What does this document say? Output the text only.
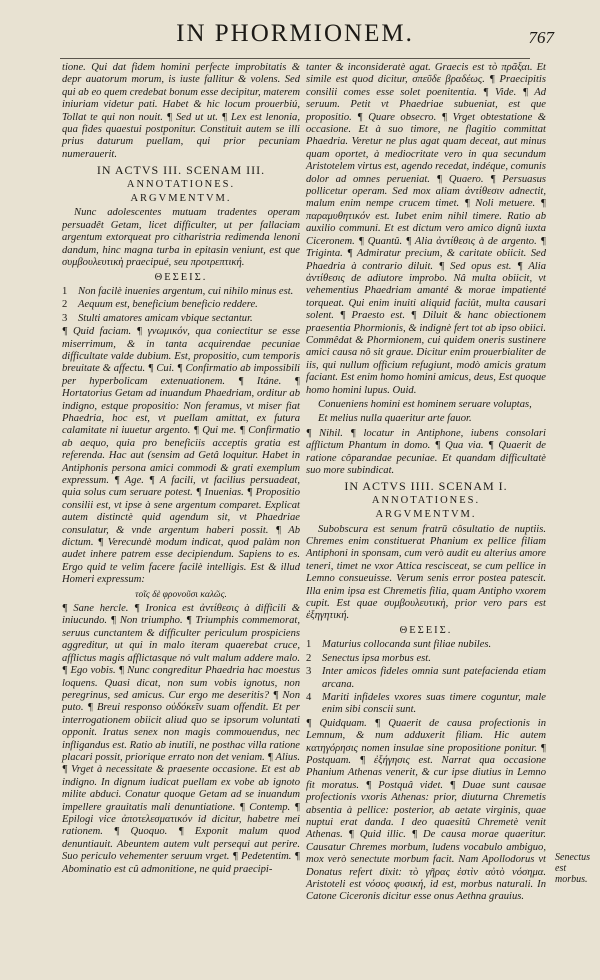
IN PHORMIONEM.	767

tione. Qui dat fidem homini perfecte improbitatis & depr auatorum morum, is iuste fallitur & volens. Sed qui ab eo quem credebat bonum esse decipitur, materem iniuriam videtur pati. Habet & hic locum prouerbiú, Tollat te qui non nouit. ¶ Sed ut ut. ¶ Lex est lenonia, qua fides quaestui postponitur. Constituit autem se illi prius daturum puellam, qui prior pecuniam numerauerit.

IN ACTVS III. SCENAM III.
ANNOTATIONES.
ARGVMENTVM.

Nunc adolescentes mutuam tradentes operam persuadêt Getam, licet difficulter, ut per fallaciam argentum extorqueat pro citharistria redimenda lenoni dandum, hinc magna turba in epitasin veniunt, est que συμβουλευτικὴ praecipué, seu προτρεπτική.

ΘΕΣΕΙΣ.
1	Non facilè inuenies argentum, cui nihilo minus est.
2	Aequum est, beneficium beneficio reddere.
3	Stulti amatores amicam vbique sectantur.

¶ Quid faciam. ¶ γνωμικόν, qua coniectitur se esse miserrimum, & in tanta acquirendae pecuniae difficultate valde dubium. Est, propositio, cum temporis breuitate & affectu. ¶ Cui. ¶ Confirmatio ab impossibili per hyperbolicam extenuationem. ¶ Itáne. ¶ Hortatorius Getam ad inuandum Phaedriam, orditur ab indigno, estque propositio: Non feramus, vt miser fiat Phaedria, hoc est, vt puellam amittat, ex futura calamitate ni iuuetur argento. ¶ Qui me. ¶ Confirmatio ab aequo, quia pro beneficiis acceptis gratia est referenda. Hac aut (sensim ad Getâ loquitur. Habet in Antiphonis persona amici commodi & grati exemplum expressum. ¶ Age. ¶ A facili, vt facilius persuadeat, quia solus cum seruare potest. ¶ Inuenias. ¶ Propositio consilii est, vt ipse à sene argentum comparet. Explicat autem distinctè quid agendum sit, vt Phaedriae consulatur, & vnde argentum haberi possit. ¶ Ab dictum. ¶ Verecundè modum indicat, quod palàm non audet inhere patrem esse decipiendum. Sapiens to es. Ergo quid te velim facere facilè intelligis. Est & illud Homeri expressum:

τοῖς δὲ φρονοῦσι καλῶς.

¶ Sane hercle. ¶ Ironica est ἀντίθεσις à difficili & iniucundo. ¶ Non triumpho. ¶ Triumphis commemorat, seruus cunctantem & difficulter periculum prospiciens aggreditur, ut qui in malo iteram quaerebat cruce, afflictus magis afflictasque nó vult malum addere malo. ¶ Ego vobis. ¶ Nunc congreditur Phaedria hac moestus loquens. Quasi dicat, non sum vobis ignotus, non peregrinus, sed amicus. Cur ergo me deseritis? ¶ Non puto. ¶ Breui responso οὐδόκεῖν suam offendit. Et per interrogationem obiicit aliud quo se ipsorum voluntati opponit. Iratus senex non magis commouendus, nec infligandus est. Ratio ab inutili, ne posthac villa ratione placari possit, priorique errato non det veniam. ¶ Alius. ¶ Vrget à necessitate & praesente occasione. Et est ab indigno. In dignum iudicat puellam ex vobe ab ignoto milite abduci. Conatur quoque Getam ad se inuandum impellere grauitatis mali denuntiatione. ¶ Contemp. ¶ Epilogi vice ἀποτελεσματικόν id dicitur, habetre mei rationem. ¶ Quoquo. ¶ Exponit malum quod denuntiauit. Abeuntem autem vult persequi aut perire. Suo periculo vehementer seruum vrget. ¶ Pedetentim. ¶ Abominatio est cû admonitione, ne quid praecipi-

tanter & inconsideratè agat. Graecis est τὸ πρᾶξαι. Et simile est quod dicitur, σπεῦδε βραδέως. ¶ Praecipitis consilii comes esse solet poenitentia. ¶ Vide. ¶ Ad seruum. Petit vt Phaedriae subueniat, est que propositio. ¶ Quare obsecro. ¶ Vrget obtestatione & occasione. Et à suo timore, ne flagitio committat Phaedria. Veretur ne plus agat quam deceat, aut minus quam oportet, à mediocritate vero in qua secundum Aristotelem virtus est, agendo recedat, indéque, comunis dolor ad omnes perueniat. ¶ Quaero. ¶ Persuasus pollicetur operam. Sed mox aliam ἀντίθεσιν adnectit, malum enim nempe crucem timet. ¶ Noli metuere. ¶ παραμυθητικόν est. Iubet enim nihil timere. Ratio ab auxilio communi. Et est dictum vero amico dignû iuxta Ciceronem. ¶ Quantû. ¶ Alia ἀντίθεσις à de argento. ¶ Triginta. ¶ Admiratur precium, & caritate obiicit. Sed Phaedria à contrario diluit. ¶ Sed opus est. ¶ Alia ἀντίθεσις de adiutore improbo. Nâ multa obiicit, vt vehementius Phaedriam amanté & morae impatienté torqueat. Qui enim inuiti aliquid faciût, multa causari solent. ¶ Praesto est. ¶ Diluit & hanc obiectionem praesentia Phormionis, & indignè fert tot ab ipso obiici. Commêdat & Phormionem, cui quidem oneris sustinere amici causa nô sit graue. Dicitur enim prouerbialiter de iis, qui nullum officium refugiunt, modò amicis gratum faciant. Est enim homo homini amicus, deus, Est quoque homo homini lupus. Ouid.

Conueniens homini est hominem seruare voluptas,

Et melius nulla quaeritur arte fauor.

¶ Nihil. ¶ locatur in Antiphone, iubens consolari afflictum Phantum in domo. ¶ Qua via. ¶ Quaerit de ratione côparandae pecuniae. Et quandam difficultatè suo more subindicat.

IN ACTVS IIII. SCENAM I.
ANNOTATIONES.
ARGVMENTVM.

Subobscura est senum fratrū côsultatio de nuptiis. Chremes enim constituerat Phanium ex pellice filiam Antiphoni in sponsam, cum verò audit eu alterius amore teneri, timet ne vxor Attica rescisceat, se cum pellice in Lemno consueuisse. Verum senis error postea patescit. Illa enim ipsa est Chremetis filia, quam Antipho vxorem cupit. Est quae συμβουλευτικὴ, prior vero pars est ἐξηγητική.

ΘΕΣΕΙΣ.
1	Maturius collocanda sunt filiae nubiles.
2	Senectus ipsa morbus est.
3	Inter amicos fideles omnia sunt patefacienda etiam arcana.
4	Mariti infideles vxores suas timere coguntur, male enim sibi conscii sunt.

¶ Quidquam. ¶ Quaerit de causa profectionis in Lemnum, & num adduxerit filiam. Hic autem κατηγόρησις nomen insulae sine propositione ponitur. ¶ Postquam. ¶ ἐξήγησις est. Narrat qua occasione Phanium Athenas venerit, & cur ipse diutius in Lemno fit moratus. ¶ Postquâ videt. ¶ Duae sunt causae profectionis vxoris Athenas: prior, diuturna Chremetis absentia à pellice: posterior, ab aetate virginis, quae nuptui erat danda. I deo quaesitû Chremetè venit Athenas. ¶ Quid illic. ¶ De causa morae quaeritur. Causatur Chremes morbum, ludens vocabulo ambiguo, mox verò senectute morbum facit. Nam Apollodorus vt Donatus refert dixit: τὸ γῆρας ἐστὶν αὐτὸ νόσημα. Aristoteli est νόσος φυσική, id est, morbus naturali. In Catone Ciceronis dicitur esse onus Aethna grauius.

Senectus est morbus.
